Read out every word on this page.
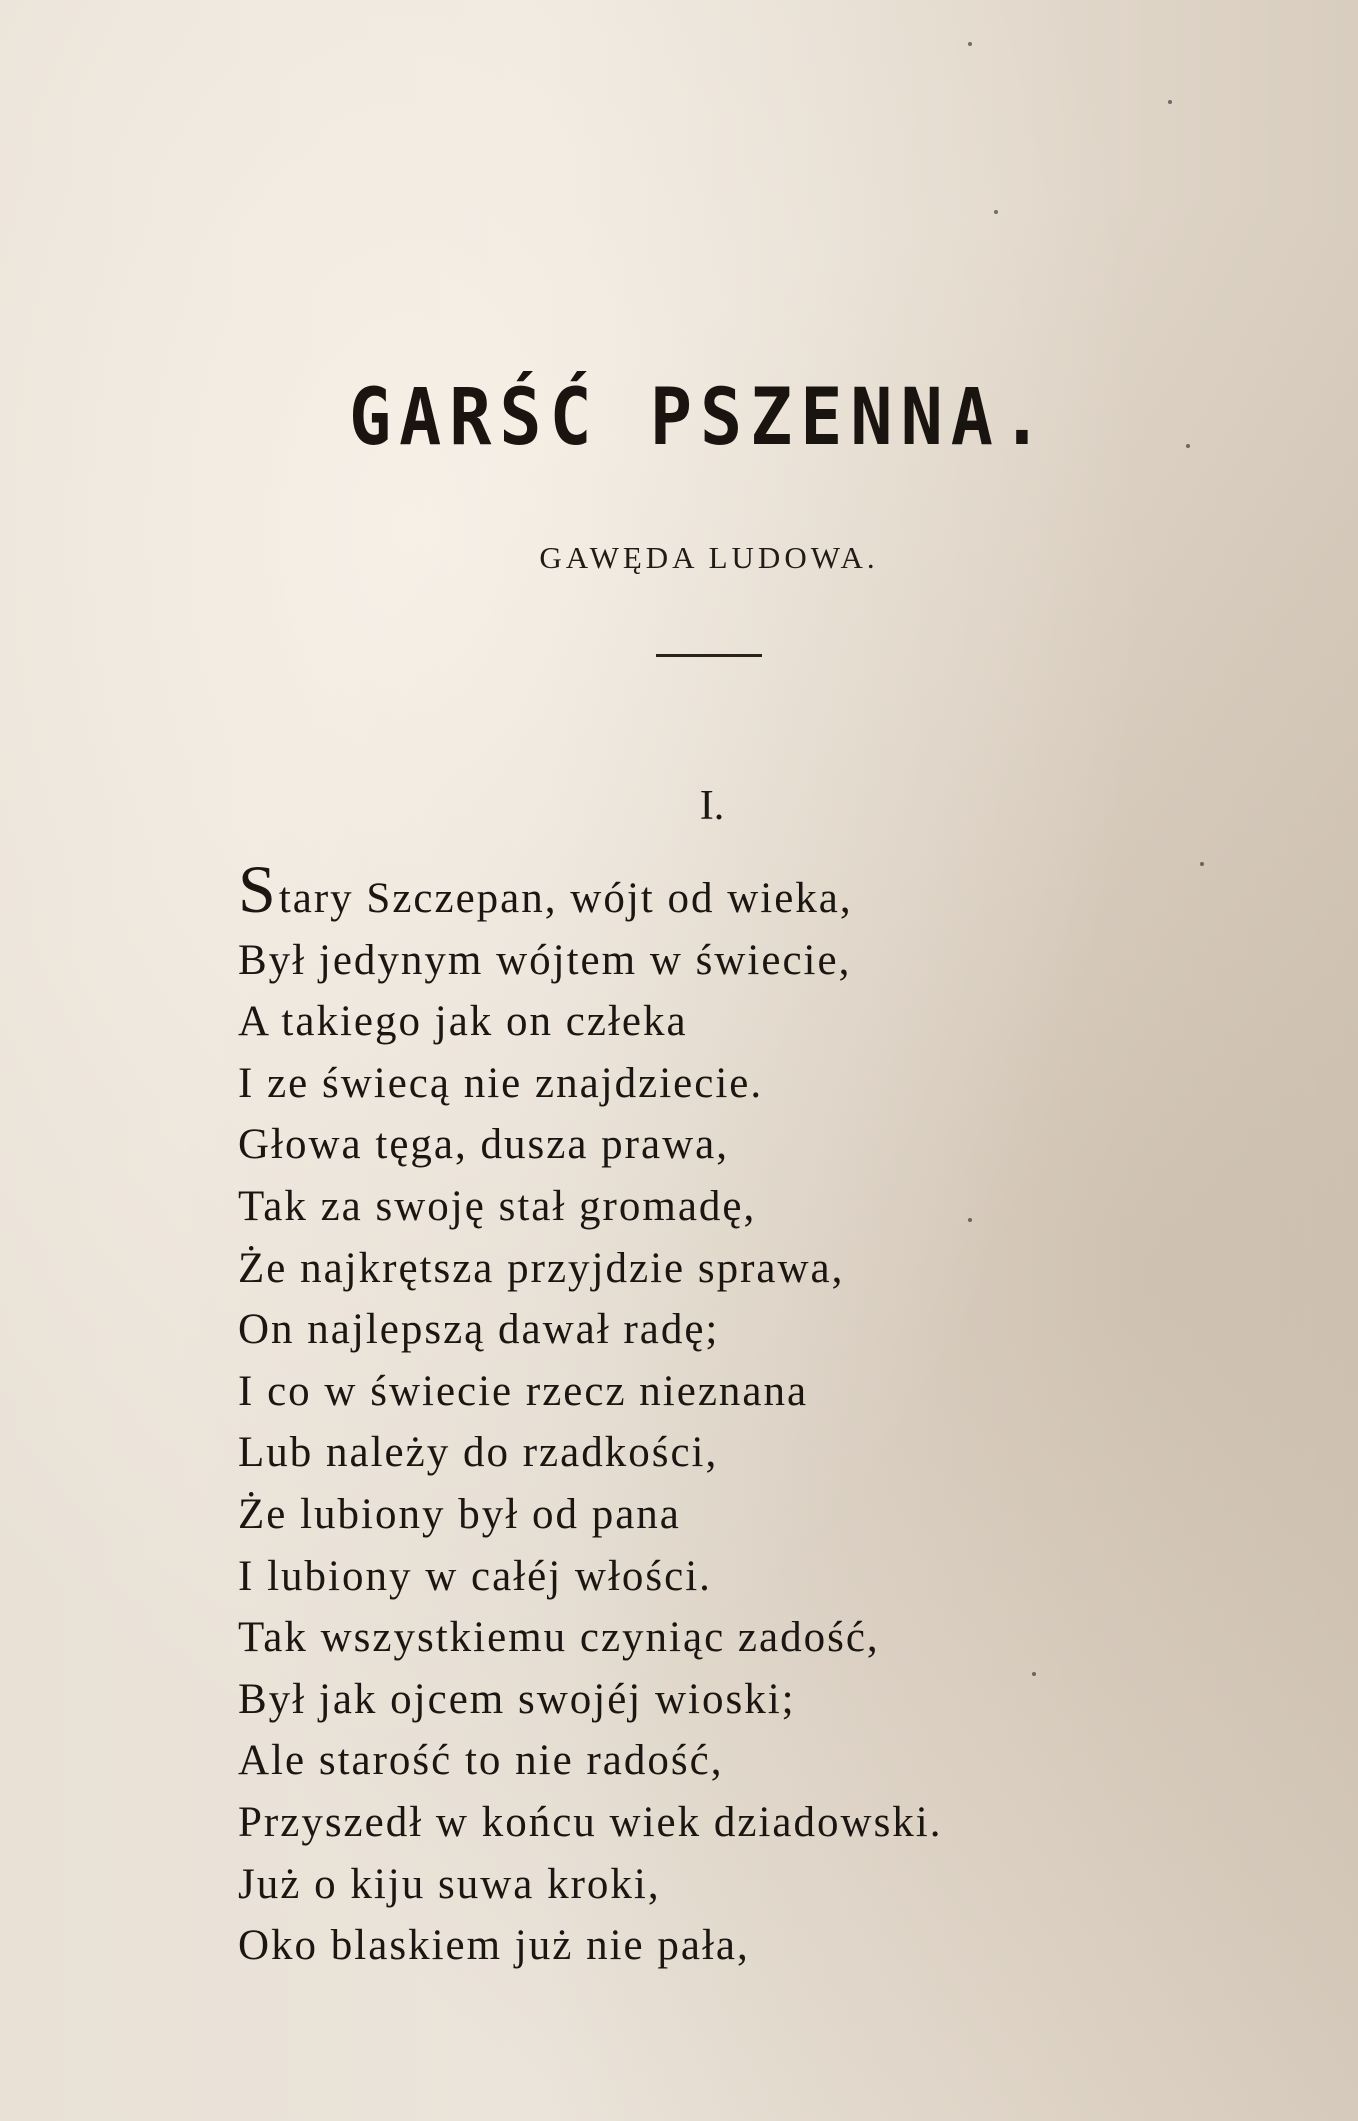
GARŚĆ PSZENNA.
GAWĘDA LUDOWA.
I.
Stary Szczepan, wójt od wieka,
Był jedynym wójtem w świecie,
A takiego jak on człeka
I ze świecą nie znajdziecie.
Głowa tęga, dusza prawa,
Tak za swoję stał gromadę,
Że najkrętsza przyjdzie sprawa,
On najlepszą dawał radę;
I co w świecie rzecz nieznana
Lub należy do rzadkości,
Że lubiony był od pana
I lubiony w całéj włości.
Tak wszystkiemu czyniąc zadość,
Był jak ojcem swojéj wioski;
Ale starość to nie radość,
Przyszedł w końcu wiek dziadowski.
Już o kiju suwa kroki,
Oko blaskiem już nie pała,
